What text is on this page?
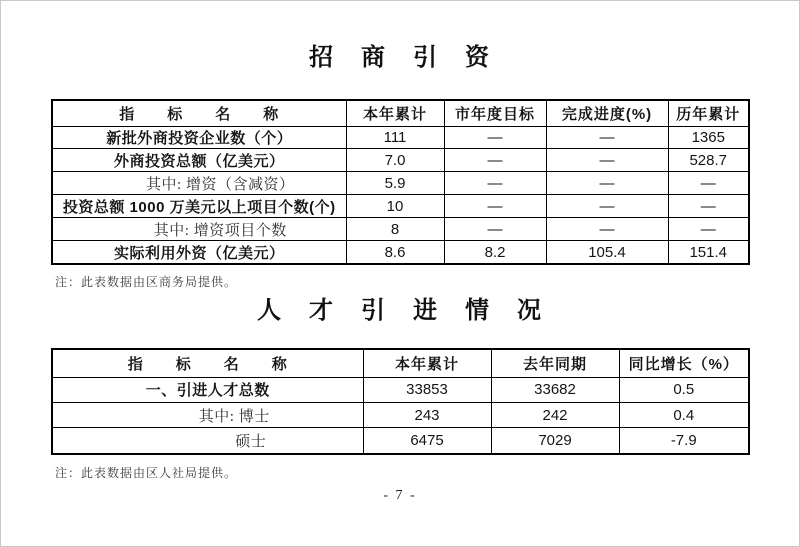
招　商　引　资
指　　标　　名　　称	本年累计	市年度目标	完成进度(%)	历年累计
新批外商投资企业数（个）	111	—	—	1365
外商投资总额（亿美元）	7.0	—	—	528.7
其中: 增资（含减资）	5.9	—	—	—
投资总额 1000 万美元以上项目个数(个)	10	—	—	—
其中: 增资项目个数	8	—	—	—
实际利用外资（亿美元）	8.6	8.2	105.4	151.4
注：此表数据由区商务局提供。
人　才　引　进　情　况
指　　标　　名　　称	本年累计	去年同期	同比增长（%）
一、引进人才总数	33853	33682	0.5
其中: 博士	243	242	0.4
硕士	6475	7029	-7.9
注：此表数据由区人社局提供。
- 7 -
